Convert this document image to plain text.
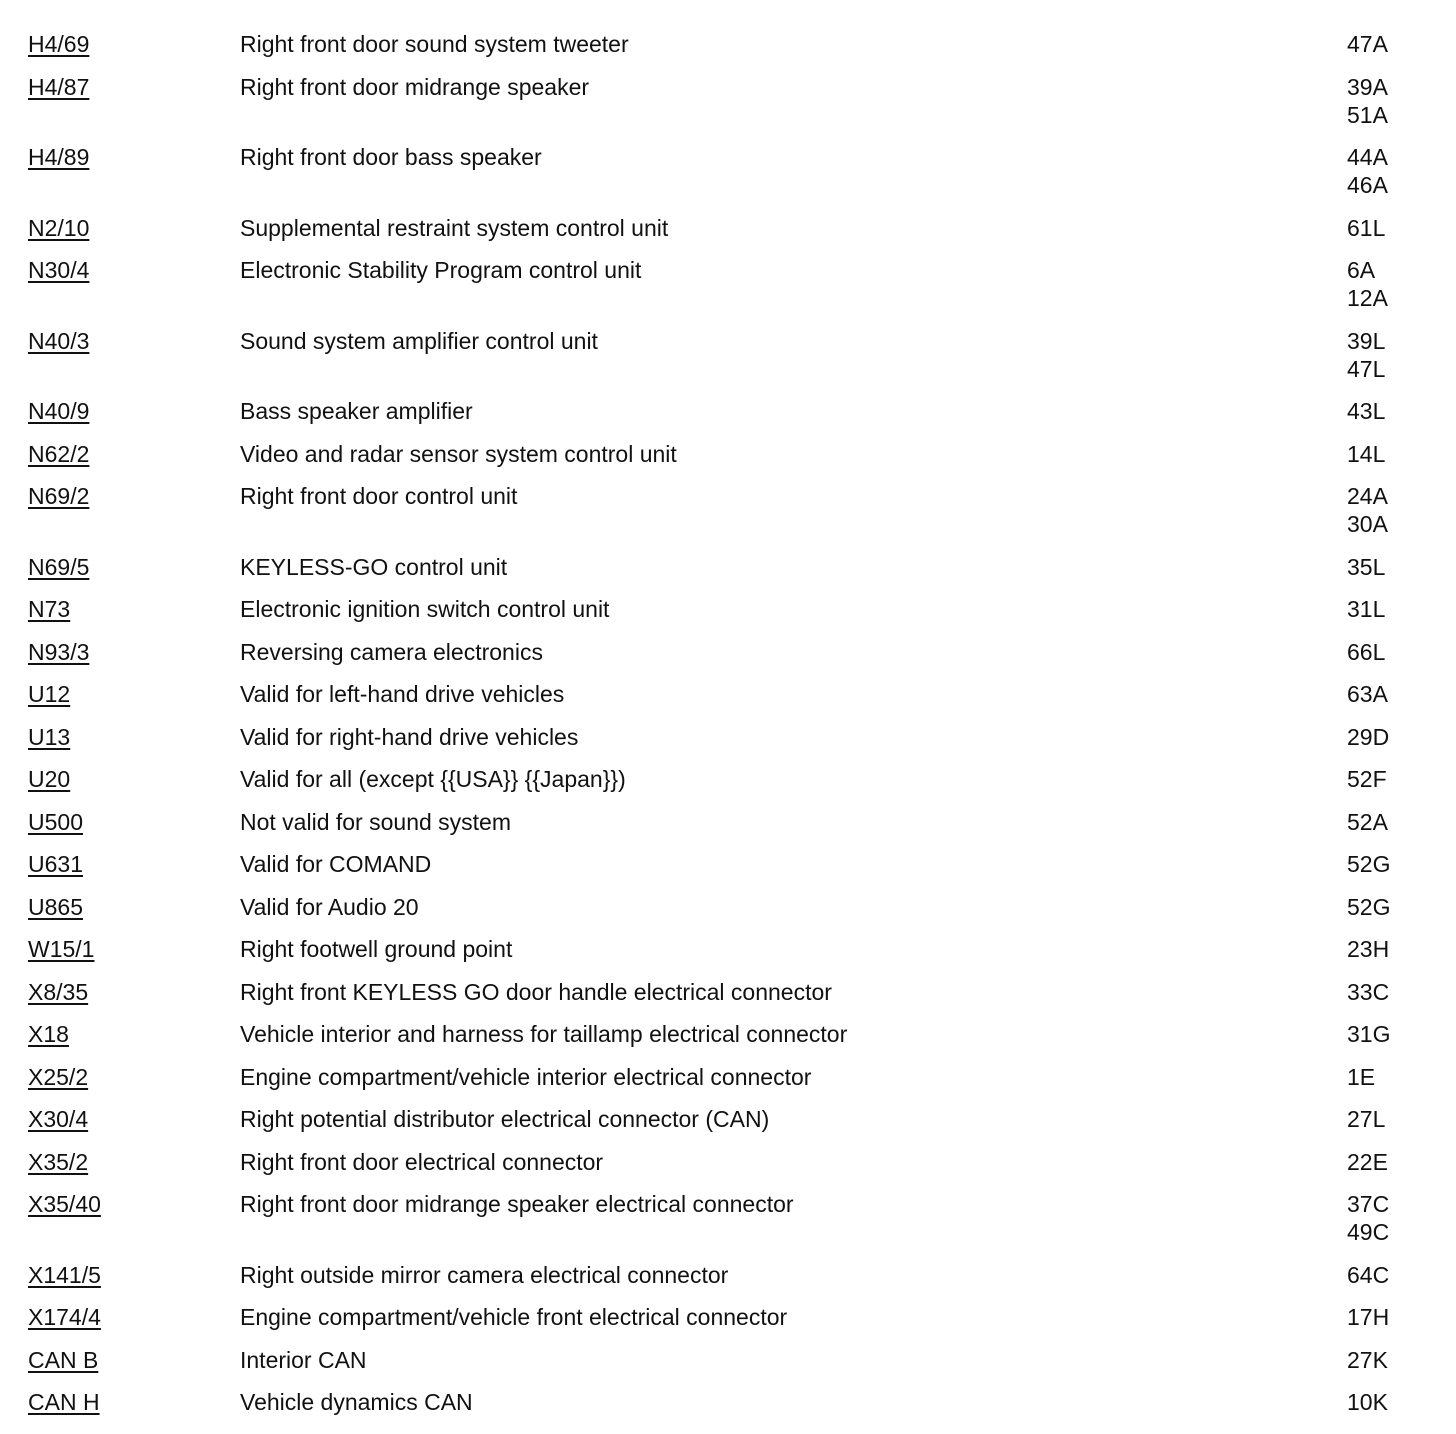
H4/69	Right front door sound system tweeter	47A
H4/87	Right front door midrange speaker	39A
51A
H4/89	Right front door bass speaker	44A
46A
N2/10	Supplemental restraint system control unit	61L
N30/4	Electronic Stability Program control unit	6A
12A
N40/3	Sound system amplifier control unit	39L
47L
N40/9	Bass speaker amplifier	43L
N62/2	Video and radar sensor system control unit	14L
N69/2	Right front door control unit	24A
30A
N69/5	KEYLESS-GO control unit	35L
N73	Electronic ignition switch control unit	31L
N93/3	Reversing camera electronics	66L
U12	Valid for left-hand drive vehicles	63A
U13	Valid for right-hand drive vehicles	29D
U20	Valid for all (except {{USA}} {{Japan}})	52F
U500	Not valid for sound system	52A
U631	Valid for COMAND	52G
U865	Valid for Audio 20	52G
W15/1	Right footwell ground point	23H
X8/35	Right front KEYLESS GO door handle electrical connector	33C
X18	Vehicle interior and harness for taillamp electrical connector	31G
X25/2	Engine compartment/vehicle interior electrical connector	1E
X30/4	Right potential distributor electrical connector (CAN)	27L
X35/2	Right front door electrical connector	22E
X35/40	Right front door midrange speaker electrical connector	37C
49C
X141/5	Right outside mirror camera electrical connector	64C
X174/4	Engine compartment/vehicle front electrical connector	17H
CAN B	Interior CAN	27K
CAN H	Vehicle dynamics CAN	10K
